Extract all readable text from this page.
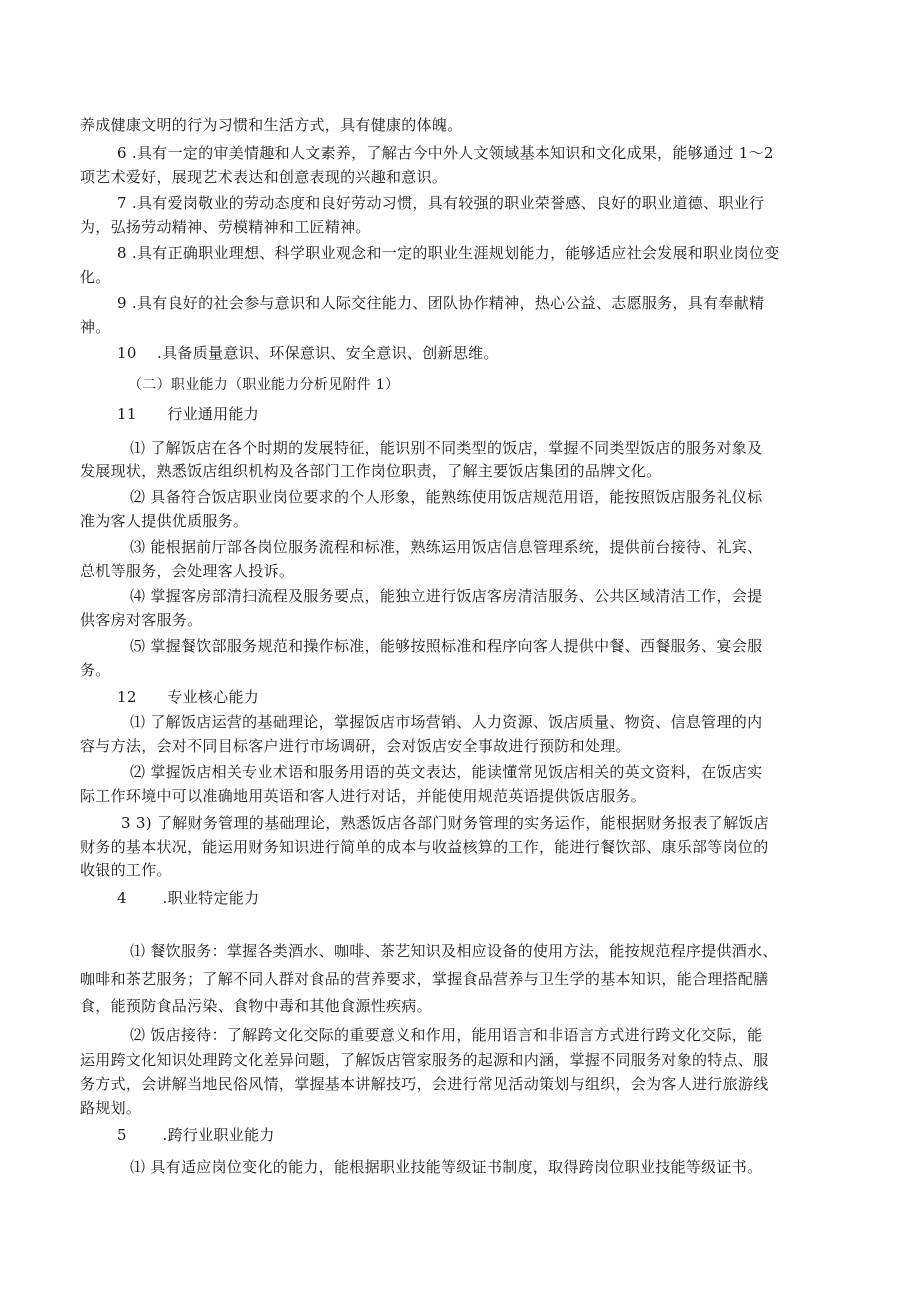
养成健康文明的行为习惯和生活方式，具有健康的体魄。
6 .具有一定的审美情趣和人文素养，了解古今中外人文领域基本知识和文化成果，能够通过 1～2
项艺术爱好，展现艺术表达和创意表现的兴趣和意识。
7 .具有爱岗敬业的劳动态度和良好劳动习惯，具有较强的职业荣誉感、良好的职业道德、职业行
为，弘扬劳动精神、劳模精神和工匠精神。
8 .具有正确职业理想、科学职业观念和一定的职业生涯规划能力，能够适应社会发展和职业岗位变
化。
9 .具有良好的社会参与意识和人际交往能力、团队协作精神，热心公益、志愿服务，具有奉献精
神。
10　 .具备质量意识、环保意识、安全意识、创新思维。
（二）职业能力（职业能力分析见附件 1）
11　　行业通用能力
⑴ 了解饭店在各个时期的发展特征，能识别不同类型的饭店，掌握不同类型饭店的服务对象及
发展现状，熟悉饭店组织机构及各部门工作岗位职责，了解主要饭店集团的品牌文化。
⑵ 具备符合饭店职业岗位要求的个人形象，能熟练使用饭店规范用语，能按照饭店服务礼仪标
准为客人提供优质服务。
⑶ 能根据前厅部各岗位服务流程和标准，熟练运用饭店信息管理系统，提供前台接待、礼宾、
总机等服务，会处理客人投诉。
⑷ 掌握客房部清扫流程及服务要点，能独立进行饭店客房清洁服务、公共区域清洁工作，会提
供客房对客服务。
⑸ 掌握餐饮部服务规范和操作标准，能够按照标准和程序向客人提供中餐、西餐服务、宴会服
务。
12　　专业核心能力
⑴ 了解饭店运营的基础理论，掌握饭店市场营销、人力资源、饭店质量、物资、信息管理的内
容与方法，会对不同目标客户进行市场调研，会对饭店安全事故进行预防和处理。
⑵ 掌握饭店相关专业术语和服务用语的英文表达，能读懂常见饭店相关的英文资料，在饭店实
际工作环境中可以准确地用英语和客人进行对话，并能使用规范英语提供饭店服务。
3 3) 了解财务管理的基础理论，熟悉饭店各部门财务管理的实务运作，能根据财务报表了解饭店
财务的基本状况，能运用财务知识进行简单的成本与收益核算的工作，能进行餐饮部、康乐部等岗位的
收银的工作。
4　　 .职业特定能力
⑴ 餐饮服务：掌握各类酒水、咖啡、茶艺知识及相应设备的使用方法，能按规范程序提供酒水、
咖啡和茶艺服务；了解不同人群对食品的营养要求，掌握食品营养与卫生学的基本知识，能合理搭配膳
食，能预防食品污染、食物中毒和其他食源性疾病。
⑵ 饭店接待：了解跨文化交际的重要意义和作用，能用语言和非语言方式进行跨文化交际，能
运用跨文化知识处理跨文化差异问题，了解饭店管家服务的起源和内涵，掌握不同服务对象的特点、服
务方式，会讲解当地民俗风情，掌握基本讲解技巧，会进行常见活动策划与组织，会为客人进行旅游线
路规划。
5　　 .跨行业职业能力
⑴ 具有适应岗位变化的能力，能根据职业技能等级证书制度，取得跨岗位职业技能等级证书。
